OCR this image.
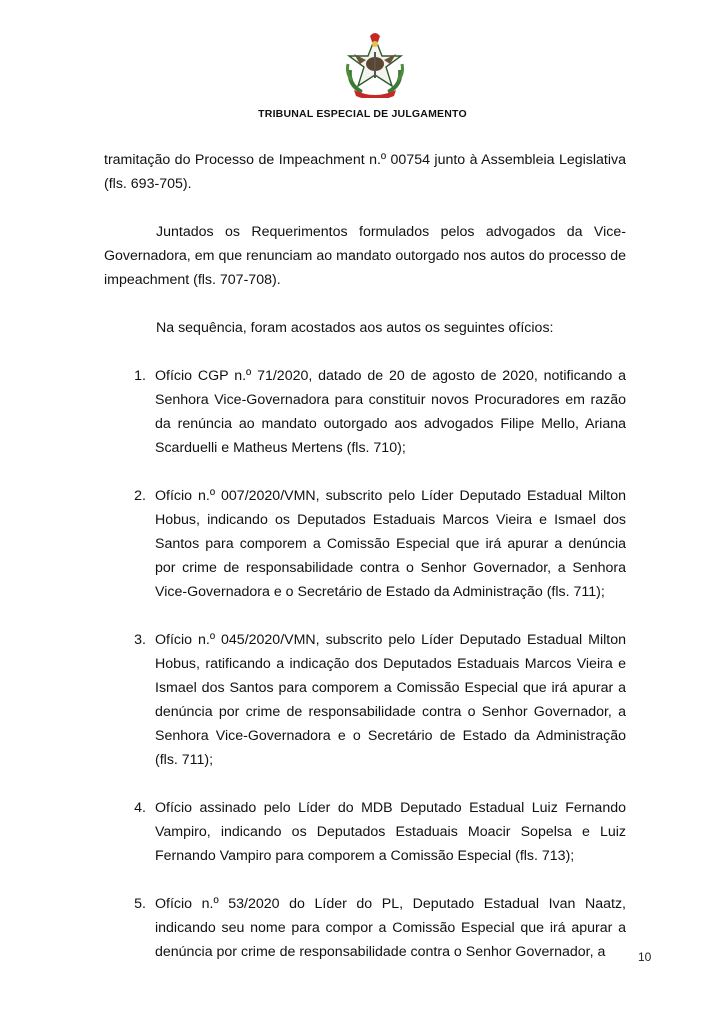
TRIBUNAL ESPECIAL DE JULGAMENTO

tramitação do Processo de Impeachment n.º 00754 junto à Assembleia Legislativa (fls. 693-705).

Juntados os Requerimentos formulados pelos advogados da Vice-Governadora, em que renunciam ao mandato outorgado nos autos do processo de impeachment (fls. 707-708).

Na sequência, foram acostados aos autos os seguintes ofícios:

1. Ofício CGP n.º 71/2020, datado de 20 de agosto de 2020, notificando a Senhora Vice-Governadora para constituir novos Procuradores em razão da renúncia ao mandato outorgado aos advogados Filipe Mello, Ariana Scarduelli e Matheus Mertens (fls. 710);
2. Ofício n.º 007/2020/VMN, subscrito pelo Líder Deputado Estadual Milton Hobus, indicando os Deputados Estaduais Marcos Vieira e Ismael dos Santos para comporem a Comissão Especial que irá apurar a denúncia por crime de responsabilidade contra o Senhor Governador, a Senhora Vice-Governadora e o Secretário de Estado da Administração (fls. 711);
3. Ofício n.º 045/2020/VMN, subscrito pelo Líder Deputado Estadual Milton Hobus, ratificando a indicação dos Deputados Estaduais Marcos Vieira e Ismael dos Santos para comporem a Comissão Especial que irá apurar a denúncia por crime de responsabilidade contra o Senhor Governador, a Senhora Vice-Governadora e o Secretário de Estado da Administração (fls. 711);
4. Ofício assinado pelo Líder do MDB Deputado Estadual Luiz Fernando Vampiro, indicando os Deputados Estaduais Moacir Sopelsa e Luiz Fernando Vampiro para comporem a Comissão Especial (fls. 713);
5. Ofício n.º 53/2020 do Líder do PL, Deputado Estadual Ivan Naatz, indicando seu nome para compor a Comissão Especial que irá apurar a denúncia por crime de responsabilidade contra o Senhor Governador, a	10
